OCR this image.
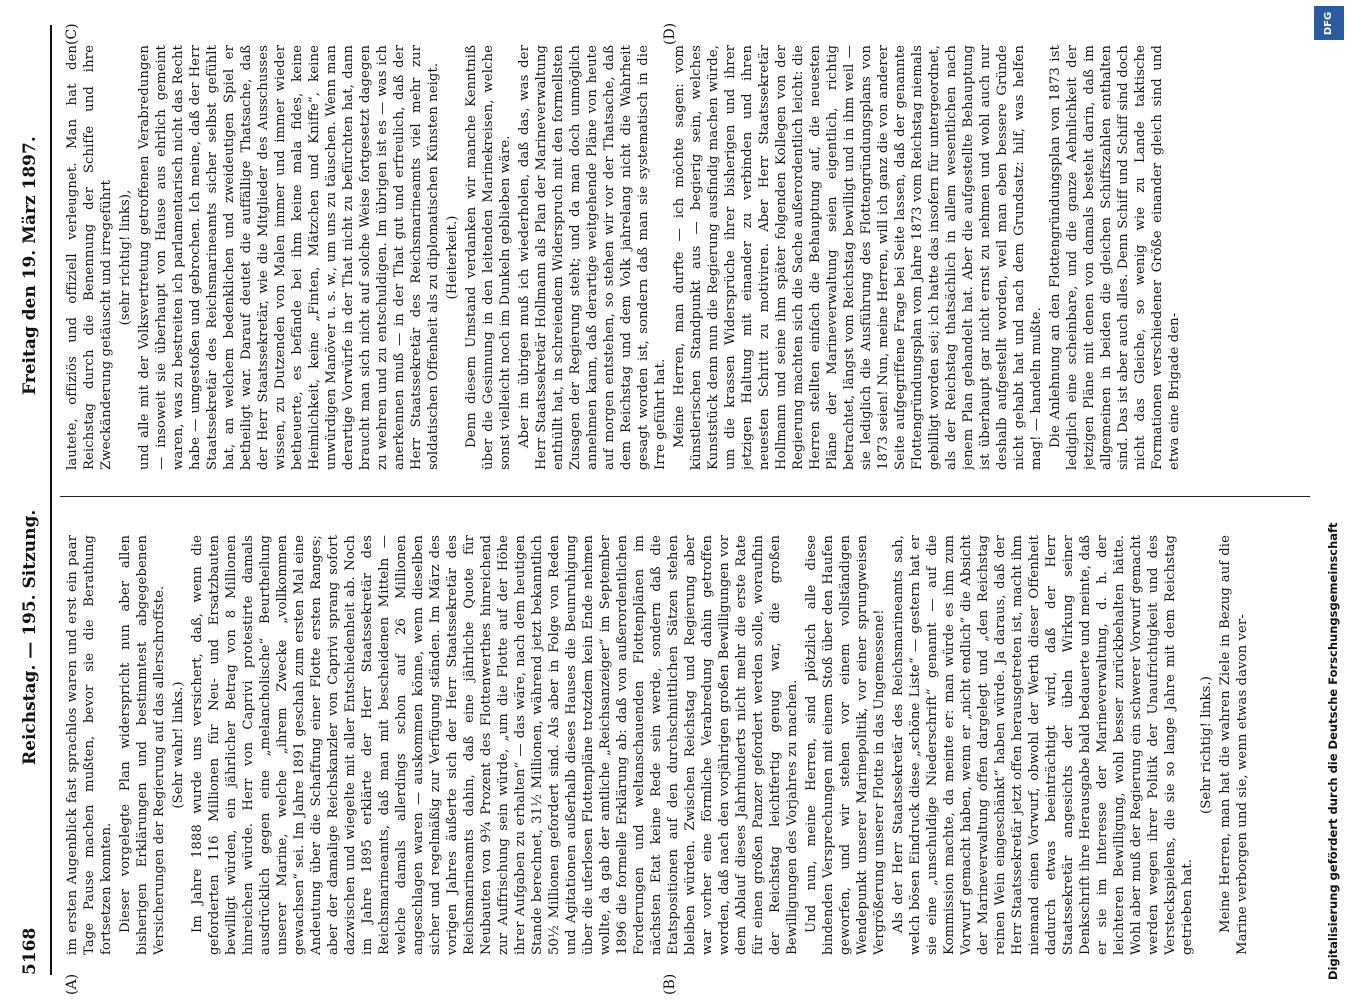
5168
Reichstag. — 195. Sitzung.
Freitag den 19. März 1897.
(A)	(B)
(C)	(D)

im ersten Augenblick fast sprachlos waren und erst ein paar Tage Pause machen mußten, bevor sie die Berathung fortsetzen konnten. Dieser vorgelegte Plan widerspricht nun aber allen bisherigen Erklärungen und bestimmtest abgegebenen Versicherungen der Regierung auf das allerschroffste. (Sehr wahr! links.) Im Jahre 1888 wurde uns versichert, daß, wenn die geforderten 116 Millionen für Neu- und Ersatzbauten bewilligt würden, ein jährlicher Betrag von 8 Millionen hinreichen würde. Herr von Caprivi protestirte damals ausdrücklich gegen eine „melancholische“ Beurtheilung unserer Marine, welche „ihrem Zwecke „vollkommen gewachsen“ sei. Im Jahre 1891 geschah zum ersten Mal eine Andeutung über die Schaffung einer Flotte ersten Ranges; aber der damalige Reichskanzler von Caprivi sprang sofort dazwischen und wiegelte mit aller Entschiedenheit ab. Noch im Jahre 1895 erklärte der Herr Staatssekretär des Reichsmarineamts, daß man mit bescheidenen Mitteln — welche damals allerdings schon auf 26 Millionen angeschlagen waren — auskommen könne, wenn dieselben sicher und regelmäßig zur Verfügung ständen. Im März des vorigen Jahres äußerte sich der Herr Staatssekretär des Reichsmarineamts dahin, daß eine jährliche Quote für Neubauten von 9¾ Prozent des Flottenwerthes hinreichend zur Auffrischung sein würde, „um die Flotte auf der Höhe ihrer Aufgaben zu erhalten“ — das wäre, nach dem heutigen Stande berechnet, 31½ Millionen, während jetzt bekanntlich 50½ Millionen gefordert sind. Als aber in Folge von Reden und Agitationen außerhalb dieses Hauses die Beunruhigung über die uferlosen Flottenpläne trotzdem kein Ende nehmen wollte, da gab der amtliche „Reichsanzeiger“ im September 1896 die formelle Erklärung ab: daß von außerordentlichen Forderungen und weltanschauenden Flottenplänen im nächsten Etat keine Rede sein werde, sondern daß die Etatspositionen auf den durchschnittlichen Sätzen stehen bleiben würden. Zwischen Reichstag und Regierung aber war vorher eine förmliche Verabredung dahin getroffen worden, daß nach den vorjährigen großen Bewilligungen vor dem Ablauf dieses Jahrhunderts nicht mehr die erste Rate für einen großen Panzer gefordert werden solle, woraufhin der Reichstag leichtfertig genug war, die großen Bewilligungen des Vorjahres zu machen. Und nun, meine Herren, sind plötzlich alle diese bindenden Versprechungen mit einem Stoß über den Haufen geworfen, und wir stehen vor einem vollständigen Wendepunkt unserer Marinepolitik, vor einer sprungweisen Vergrößerung unserer Flotte in das Ungemessene! Als der Herr Staatssekretär des Reichsmarineamts sah, welch bösen Eindruck diese „schöne Liste“ — gestern hat er sie eine „unschuldige Niederschrift“ genannt — auf die Kommission machte, da meinte er: man würde es ihm zum Vorwurf gemacht haben, wenn er „nicht endlich“ die Absicht der Marineverwaltung offen dargelegt und „den Reichstag reinen Wein eingeschänkt“ haben würde. Ja daraus, daß der Herr Staatssekretär jetzt offen herausgetreten ist, macht ihm niemand einen Vorwurf, obwohl der Werth dieser Offenheit dadurch etwas beeinträchtigt wird, daß der Herr Staatssekretär angesichts der übeln Wirkung seiner Denkschrift ihre Herausgabe bald bedauerte und meinte, daß er sie im Interesse der Marineverwaltung, d. h. der leichteren Bewilligung, wohl besser zurückbehalten hätte. Wohl aber muß der Regierung ein schwerer Vorwurf gemacht werden wegen ihrer Politik der Unaufrichtigkeit und des Versteckspielens, die sie so lange Jahre mit dem Reichstag getrieben hat.

(Sehr richtig! links.) Meine Herren, man hat die wahren Ziele in Bezug auf die Marine verborgen und sie, wenn etwas davon ver-

lautete, offiziös und offiziell verleugnet. Man hat den Reichstag durch die Benennung der Schiffe und ihre Zweckänderung getäuscht und irregeführt (sehr richtig! links), und alle mit der Volksvertretung getroffenen Verabredungen — insoweit sie überhaupt von Hause aus ehrlich gemeint waren, was zu bestreiten ich parlamentarisch nicht das Recht habe — umgestoßen und gebrochen. Ich meine, daß der Herr Staatssekretär des Reichsmarineamts sicher selbst gefühlt hat, an welchem bedenklichen und zweideutigen Spiel er betheiligt war. Darauf deutet die auffällige Thatsache, daß der Herr Staatssekretär, wie die Mitglieder des Ausschusses wissen, zu Dutzenden von Malen immer und immer wieder betheuerte, es befände bei ihm keine mala fides, keine Heimlichkeit, keine „Finten, Mätzchen und Kniffe“, keine unwürdigen Manöver u. s. w., um uns zu täuschen. Wenn man derartige Vorwürfe in der That nicht zu befürchten hat, dann braucht man sich nicht auf solche Weise fortgesetzt dagegen zu wehren und zu entschuldigen. Im übrigen ist es — was ich anerkennen muß — in der That gut und erfreulich, daß der Herr Staatssekretär des Reichsmarineamts viel mehr zur soldatischen Offenheit als zu diplomatischen Künsten neigt. (Heiterkeit.) Denn diesem Umstand verdanken wir manche Kenntniß über die Gesinnung in den leitenden Marinekreisen, welche sonst vielleicht noch im Dunkeln geblieben wäre. Aber im übrigen muß ich wiederholen, daß das, was der Herr Staatssekretär Hollmann als Plan der Marineverwaltung enthüllt hat, in schreiendem Widerspruch mit den formellsten Zusagen der Regierung steht; und da man doch unmöglich annehmen kann, daß derartige weitgehende Pläne von heute auf morgen entstehen, so stehen wir vor der Thatsache, daß dem Reichstag und dem Volk jahrelang nicht die Wahrheit gesagt worden ist, sondern daß man sie systematisch in die Irre geführt hat. Meine Herren, man durfte — ich möchte sagen: vom künstlerischen Standpunkt aus — begierig sein, welches Kunststück denn nun die Regierung ausfindig machen würde, um die krassen Widersprüche ihrer bisherigen und ihrer jetzigen Haltung mit einander zu verbinden und ihren neuesten Schritt zu motiviren. Aber Herr Staatssekretär Hollmann und seine ihm später folgenden Kollegen von der Regierung machten sich die Sache außerordentlich leicht: die Herren stellten einfach die Behauptung auf, die neuesten Pläne der Marineverwaltung seien eigentlich, richtig betrachtet, längst vom Reichstag bewilligt und in ihm weil — sie lediglich die Ausführung des Flottengründungsplans von 1873 seien! Nun, meine Herren, will ich ganz die von anderer Seite aufgegriffene Frage bei Seite lassen, daß der genannte Flottengründungsplan vom Jahre 1873 vom Reichstag niemals gebilligt worden sei; ich hatte das insofern für untergeordnet, als der Reichstag thatsächlich in allem wesentlichen nach jenem Plan gehandelt hat. Aber die aufgestellte Behauptung ist überhaupt gar nicht ernst zu nehmen und wohl auch nur deshalb aufgestellt worden, weil man eben bessere Gründe nicht gehabt hat und nach dem Grundsatz: hilf, was helfen mag! — handeln mußte. Die Anlehnung an den Flottengründungsplan von 1873 ist lediglich eine scheinbare, und die ganze Aehnlichkeit der jetzigen Pläne mit denen von damals besteht darin, daß im allgemeinen in beiden die gleichen Schiffszahlen enthalten sind. Das ist aber auch alles. Denn Schiff und Schiff sind doch nicht das Gleiche, so wenig wie zu Lande taktische Formationen verschiedener Größe einander gleich sind und etwa eine Brigade den-

DFG
Digitalisierung gefördert durch die Deutsche Forschungsgemeinschaft
